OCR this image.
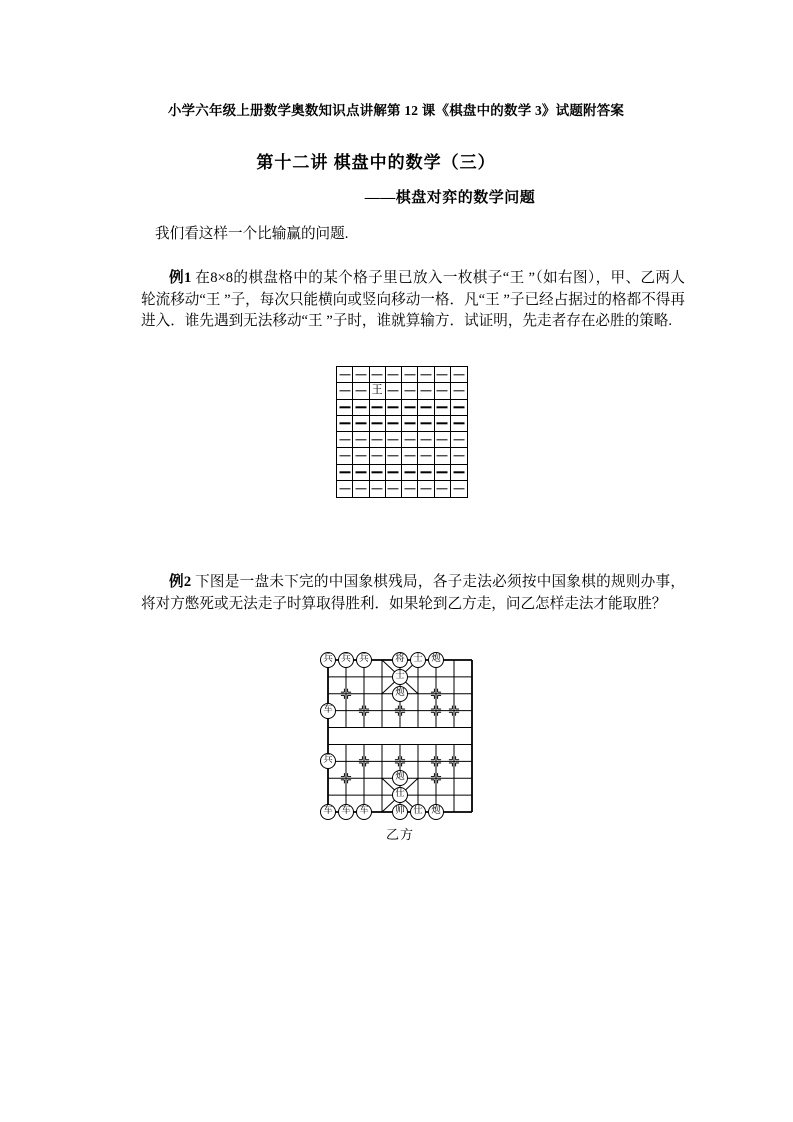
小学六年级上册数学奥数知识点讲解第 12 课《棋盘中的数学 3》试题附答案
第十二讲 棋盘中的数学（三）
——棋盘对弈的数学问题
我们看这样一个比输赢的问题.
例1 在8×8的棋盘格中的某个格子里已放入一枚棋子“王 ”（如右图），甲、乙两人轮流移动“王 ”子，每次只能横向或竖向移动一格．凡“王 ”子已经占据过的格都不得再进入．谁先遇到无法移动“王 ”子时，谁就算输方．试证明，先走者存在必胜的策略.
王
例2 下图是一盘未下完的中国象棋残局，各子走法必须按中国象棋的规则办事，将对方憋死或无法走子时算取得胜利．如果轮到乙方走，问乙怎样走法才能取胜？
兵 兵 兵	将 士 炮
士
炮
车
兵
炮
仕
车 车 车	帅 仕 炮
乙方
